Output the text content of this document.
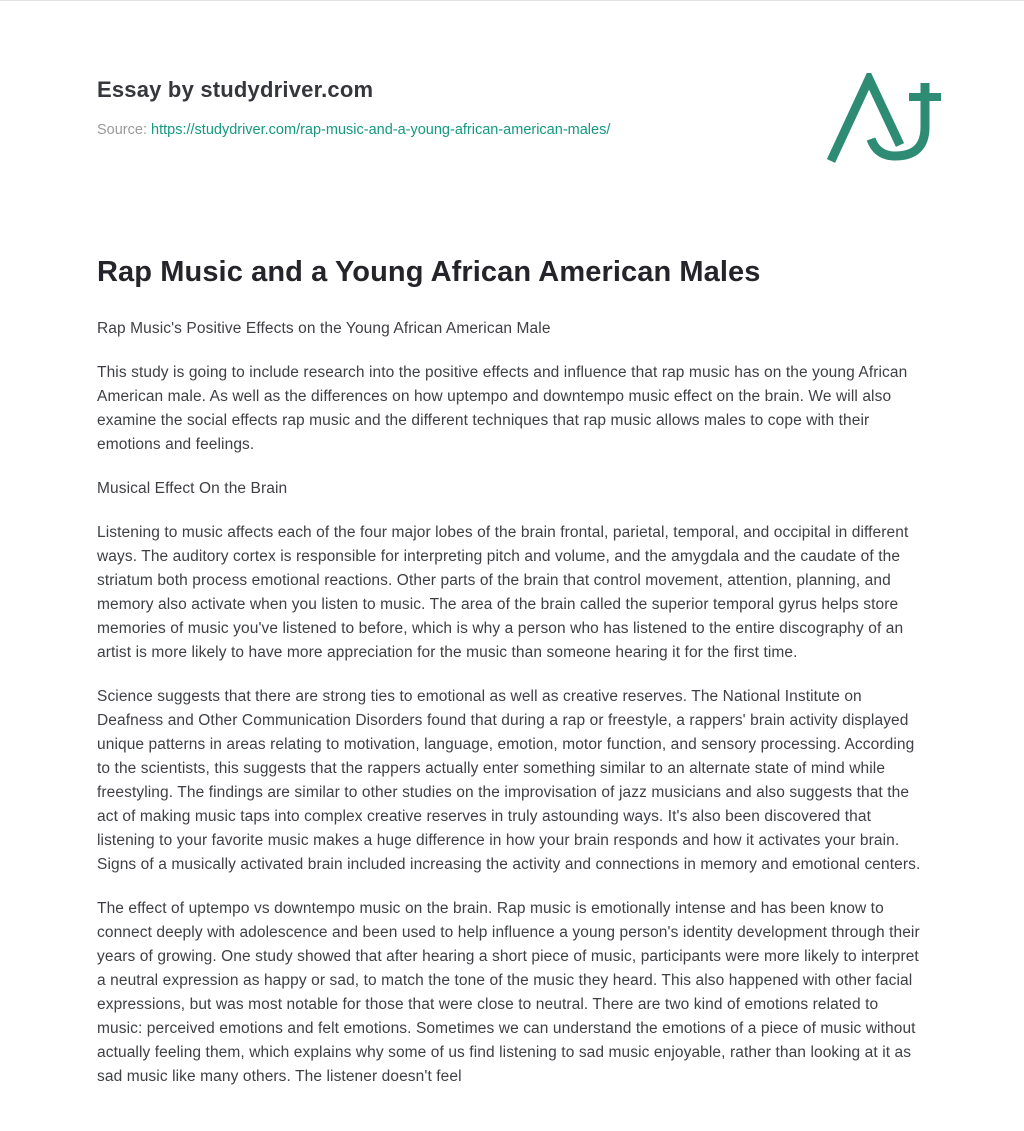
Essay by studydriver.com
Source: https://studydriver.com/rap-music-and-a-young-african-american-males/
Rap Music and a Young African American Males

Rap Music's Positive Effects on the Young African American Male

This study is going to include research into the positive effects and influence that rap music has on the young African American male. As well as the differences on how uptempo and downtempo music effect on the brain. We will also examine the social effects rap music and the different techniques that rap music allows males to cope with their emotions and feelings.

Musical Effect On the Brain

Listening to music affects each of the four major lobes of the brain frontal, parietal, temporal, and occipital in different ways. The auditory cortex is responsible for interpreting pitch and volume, and the amygdala and the caudate of the striatum both process emotional reactions. Other parts of the brain that control movement, attention, planning, and memory also activate when you listen to music. The area of the brain called the superior temporal gyrus helps store memories of music you've listened to before, which is why a person who has listened to the entire discography of an artist is more likely to have more appreciation for the music than someone hearing it for the first time.

Science suggests that there are strong ties to emotional as well as creative reserves. The National Institute on Deafness and Other Communication Disorders found that during a rap or freestyle, a rappers' brain activity displayed unique patterns in areas relating to motivation, language, emotion, motor function, and sensory processing. According to the scientists, this suggests that the rappers actually enter something similar to an alternate state of mind while freestyling. The findings are similar to other studies on the improvisation of jazz musicians and also suggests that the act of making music taps into complex creative reserves in truly astounding ways. It's also been discovered that listening to your favorite music makes a huge difference in how your brain responds and how it activates your brain. Signs of a musically activated brain included increasing the activity and connections in memory and emotional centers.

The effect of uptempo vs downtempo music on the brain. Rap music is emotionally intense and has been know to connect deeply with adolescence and been used to help influence a young person's identity development through their years of growing. One study showed that after hearing a short piece of music, participants were more likely to interpret a neutral expression as happy or sad, to match the tone of the music they heard. This also happened with other facial expressions, but was most notable for those that were close to neutral. There are two kind of emotions related to music: perceived emotions and felt emotions. Sometimes we can understand the emotions of a piece of music without actually feeling them, which explains why some of us find listening to sad music enjoyable, rather than looking at it as sad music like many others. The listener doesn't feel
